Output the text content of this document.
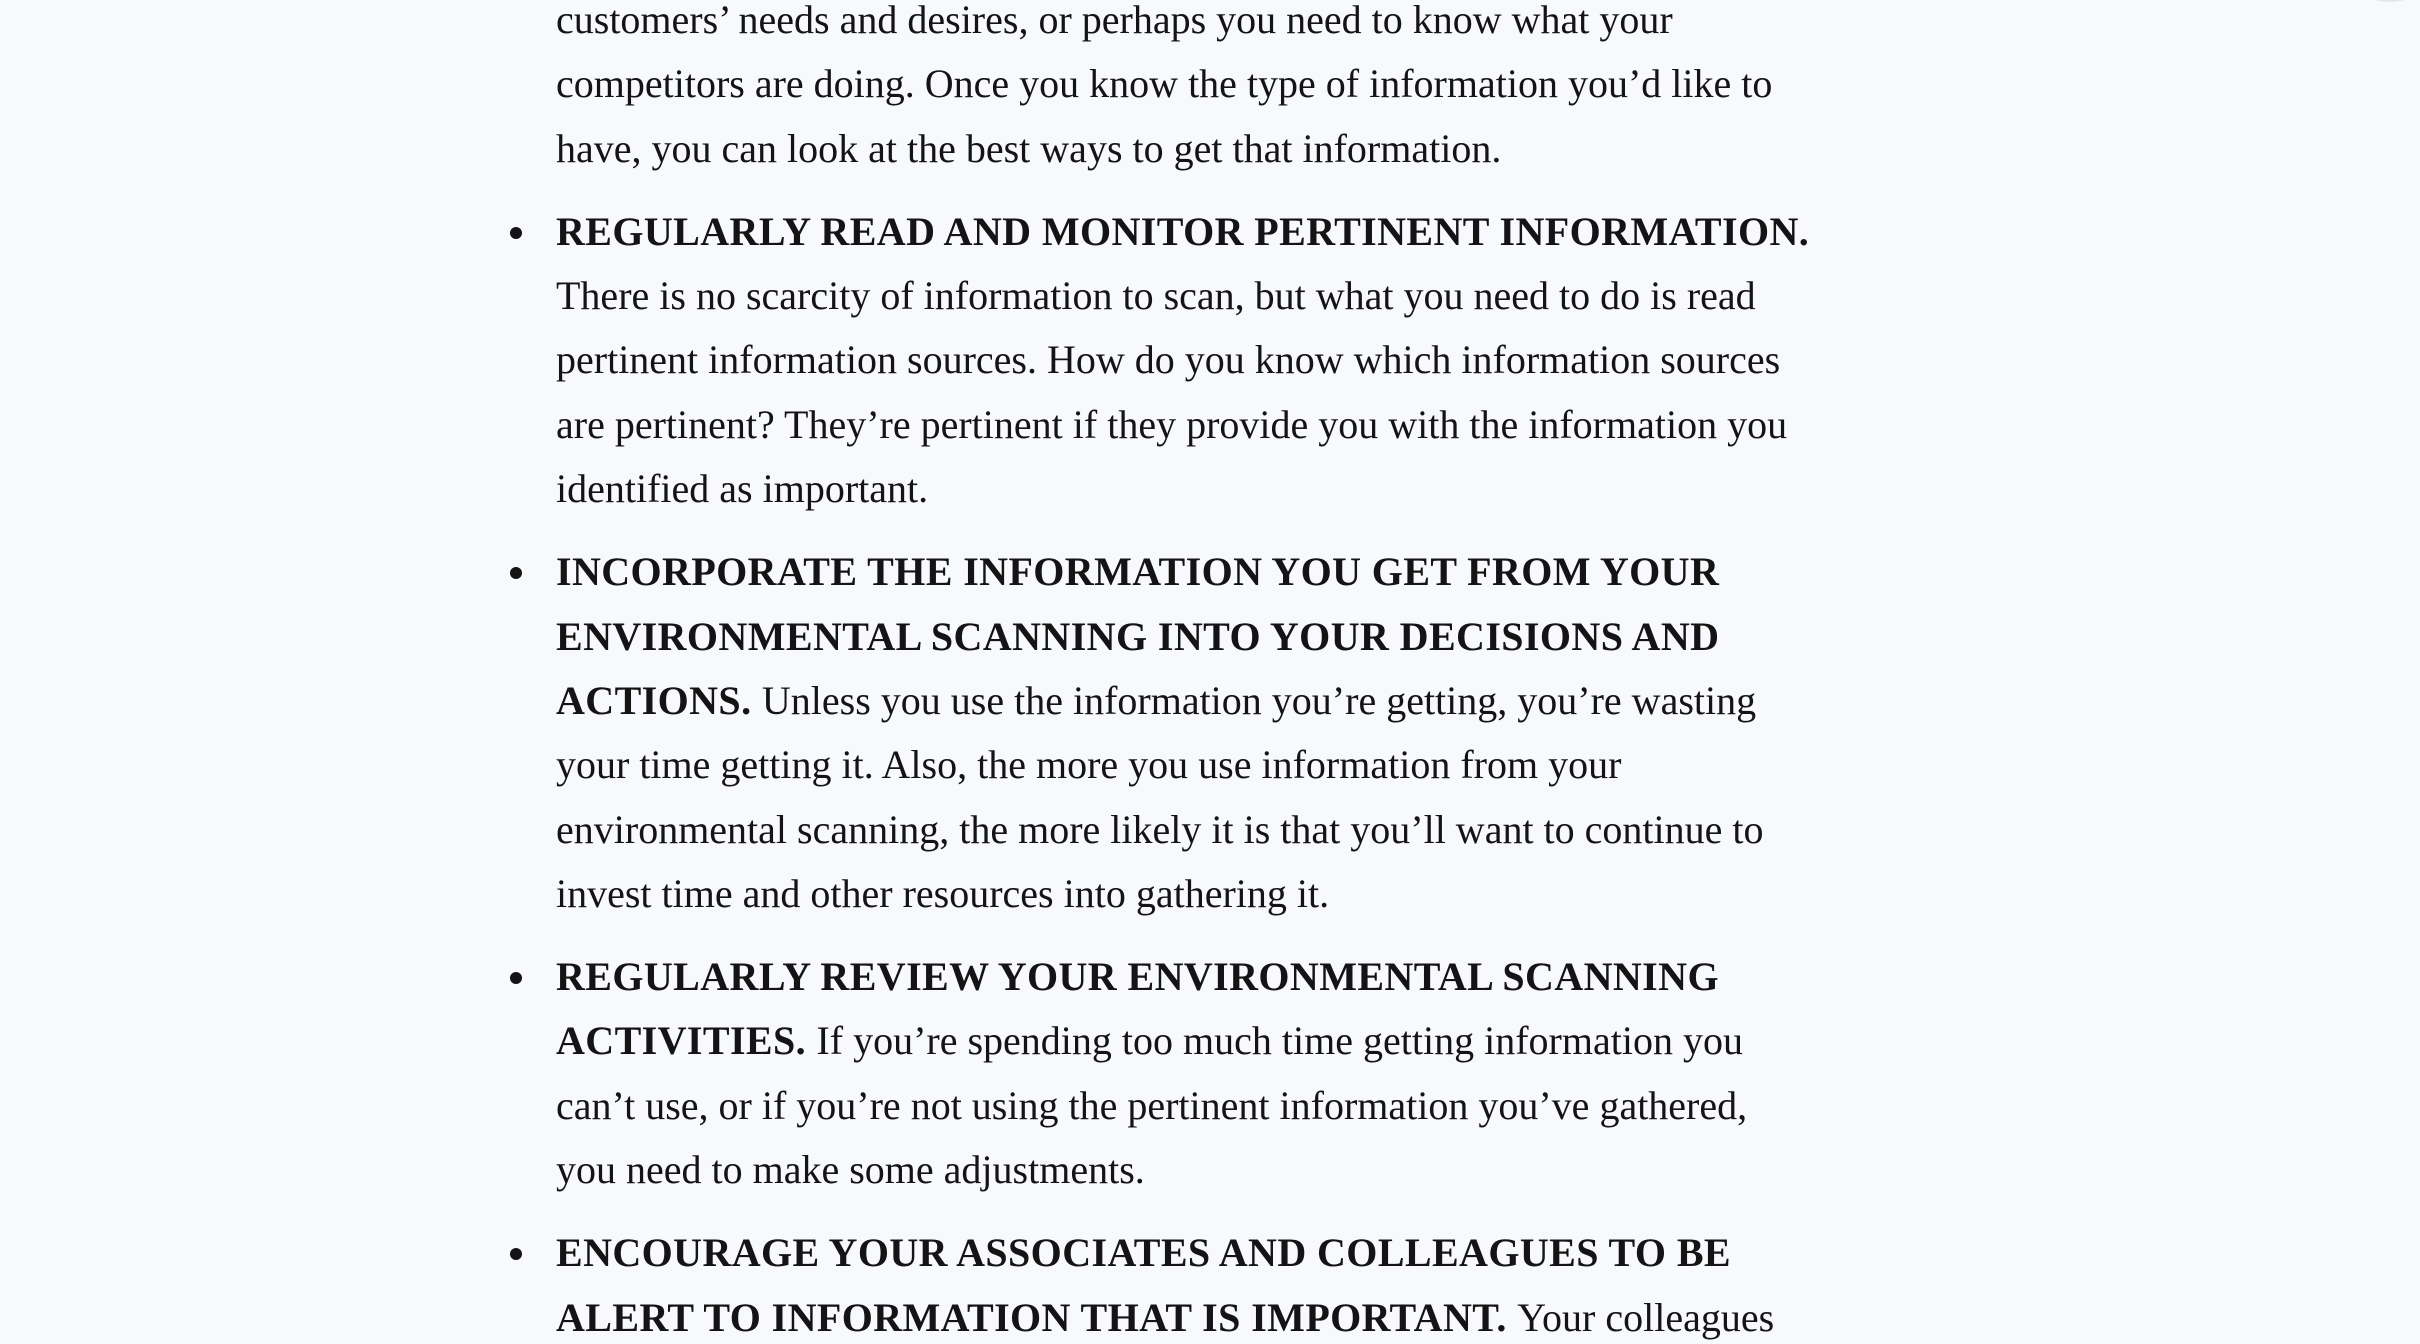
customers’ needs and desires, or perhaps you need to know what your competitors are doing. Once you know the type of information you’d like to have, you can look at the best ways to get that information.

REGULARLY READ AND MONITOR PERTINENT INFORMATION. There is no scarcity of information to scan, but what you need to do is read pertinent information sources. How do you know which information sources are pertinent? They’re pertinent if they provide you with the information you identified as important.
INCORPORATE THE INFORMATION YOU GET FROM YOUR ENVIRONMENTAL SCANNING INTO YOUR DECISIONS AND ACTIONS. Unless you use the information you’re getting, you’re wasting your time getting it. Also, the more you use information from your environmental scanning, the more likely it is that you’ll want to continue to invest time and other resources into gathering it.
REGULARLY REVIEW YOUR ENVIRONMENTAL SCANNING ACTIVITIES. If you’re spending too much time getting information you can’t use, or if you’re not using the pertinent information you’ve gathered, you need to make some adjustments.
ENCOURAGE YOUR ASSOCIATES AND COLLEAGUES TO BE ALERT TO INFORMATION THAT IS IMPORTANT. Your colleagues
